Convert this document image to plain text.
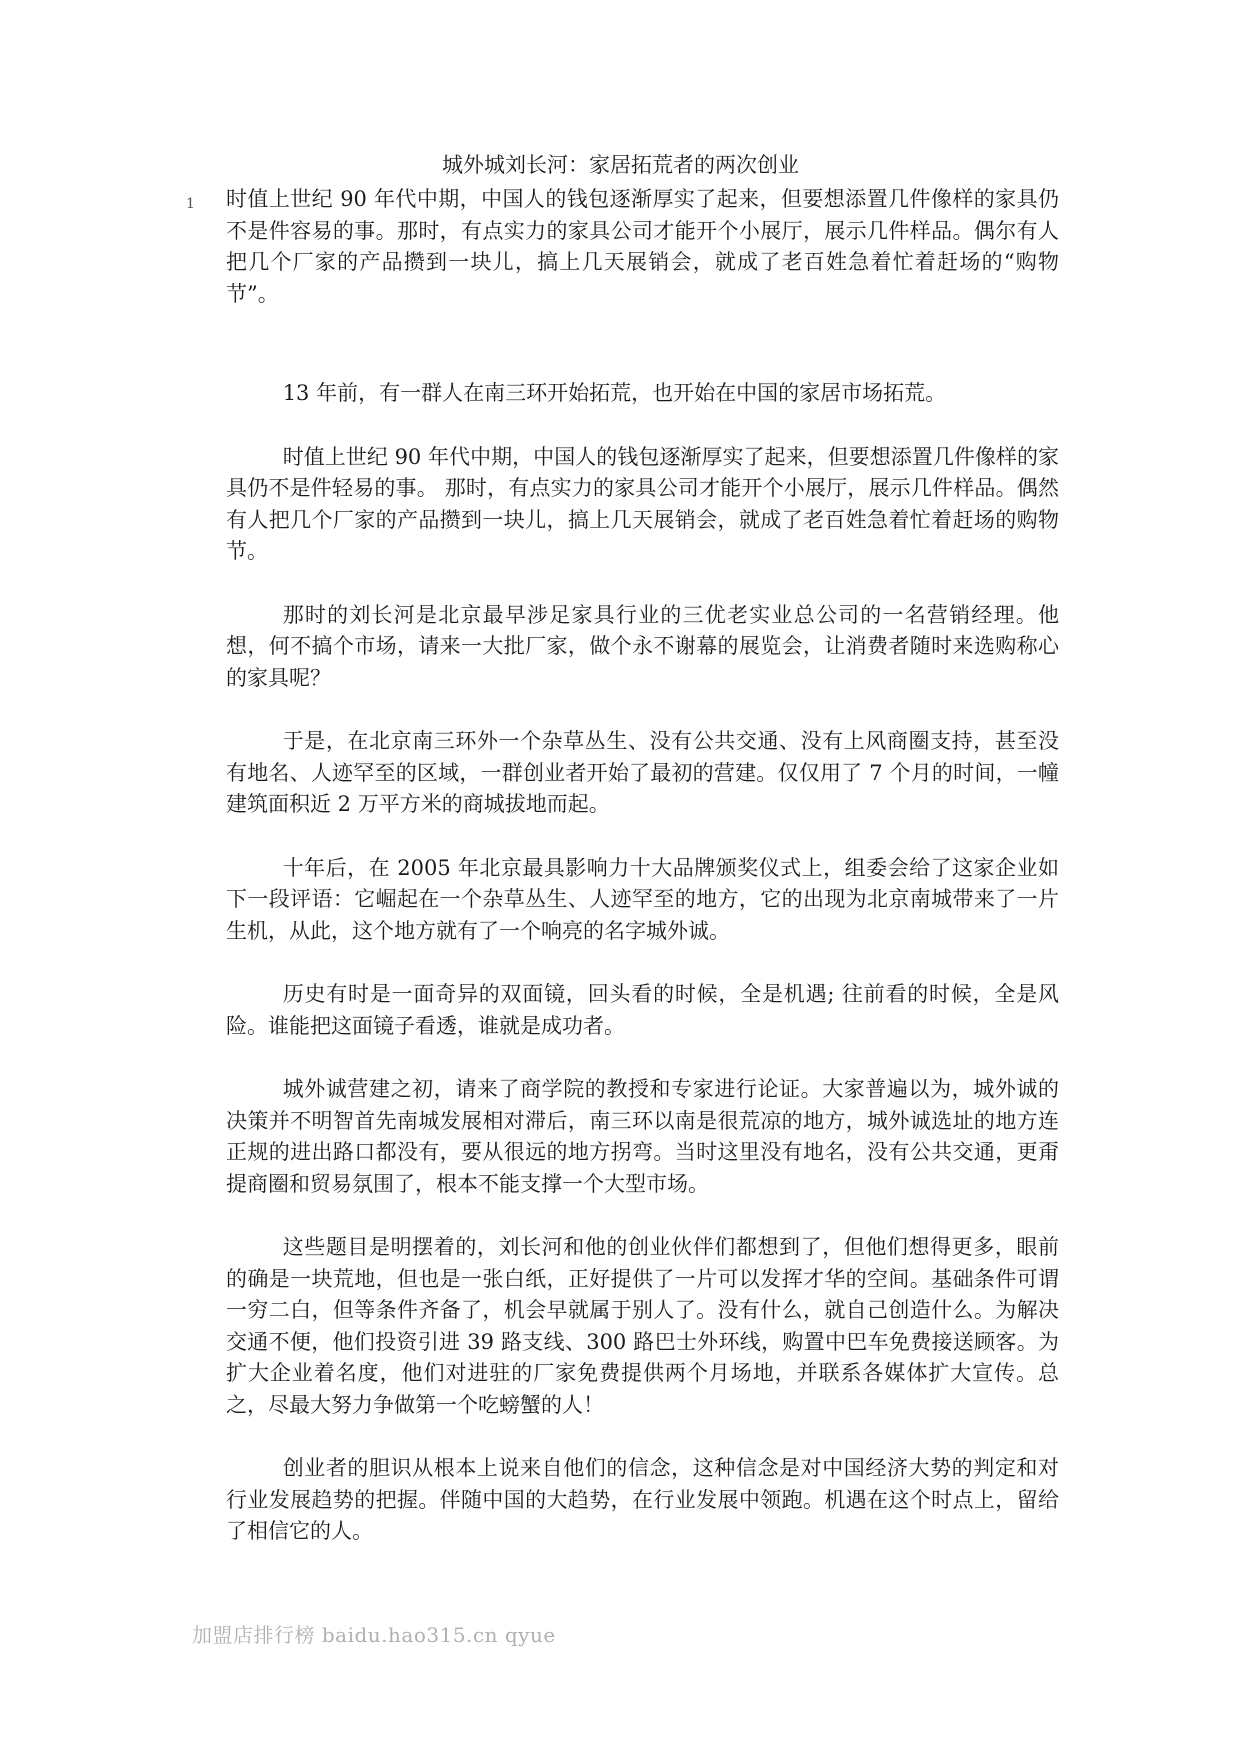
城外城刘长河：家居拓荒者的两次创业
1 时值上世纪 90 年代中期，中国人的钱包逐渐厚实了起来，但要想添置几件像样的家具仍不是件容易的事。那时，有点实力的家具公司才能开个小展厅，展示几件样品。偶尔有人把几个厂家的产品攒到一块儿，搞上几天展销会，就成了老百姓急着忙着赶场的“购物节”。

13 年前，有一群人在南三环开始拓荒，也开始在中国的家居市场拓荒。

时值上世纪 90 年代中期，中国人的钱包逐渐厚实了起来，但要想添置几件像样的家具仍不是件轻易的事。 那时，有点实力的家具公司才能开个小展厅，展示几件样品。偶然有人把几个厂家的产品攒到一块儿，搞上几天展销会，就成了老百姓急着忙着赶场的购物节。

那时的刘长河是北京最早涉足家具行业的三优老实业总公司的一名营销经理。他想，何不搞个市场，请来一大批厂家，做个永不谢幕的展览会，让消费者随时来选购称心的家具呢？

于是，在北京南三环外一个杂草丛生、没有公共交通、没有上风商圈支持，甚至没有地名、人迹罕至的区域，一群创业者开始了最初的营建。仅仅用了 7 个月的时间，一幢建筑面积近 2 万平方米的商城拔地而起。

十年后，在 2005 年北京最具影响力十大品牌颁奖仪式上，组委会给了这家企业如下一段评语：它崛起在一个杂草丛生、人迹罕至的地方，它的出现为北京南城带来了一片生机，从此，这个地方就有了一个响亮的名字城外诚。

历史有时是一面奇异的双面镜，回头看的时候，全是机遇; 往前看的时候，全是风险。谁能把这面镜子看透，谁就是成功者。

城外诚营建之初，请来了商学院的教授和专家进行论证。大家普遍以为，城外诚的决策并不明智首先南城发展相对滞后，南三环以南是很荒凉的地方，城外诚选址的地方连正规的进出路口都没有，要从很远的地方拐弯。当时这里没有地名，没有公共交通，更甭提商圈和贸易氛围了，根本不能支撑一个大型市场。

这些题目是明摆着的，刘长河和他的创业伙伴们都想到了，但他们想得更多，眼前的确是一块荒地，但也是一张白纸，正好提供了一片可以发挥才华的空间。基础条件可谓一穷二白，但等条件齐备了，机会早就属于别人了。没有什么，就自己创造什么。为解决交通不便，他们投资引进 39 路支线、300 路巴士外环线，购置中巴车免费接送顾客。为扩大企业着名度，他们对进驻的厂家免费提供两个月场地，并联系各媒体扩大宣传。总之，尽最大努力争做第一个吃螃蟹的人！

创业者的胆识从根本上说来自他们的信念，这种信念是对中国经济大势的判定和对行业发展趋势的把握。伴随中国的大趋势，在行业发展中领跑。机遇在这个时点上，留给了相信它的人。

加盟店排行榜 baidu.hao315.cn qyue
